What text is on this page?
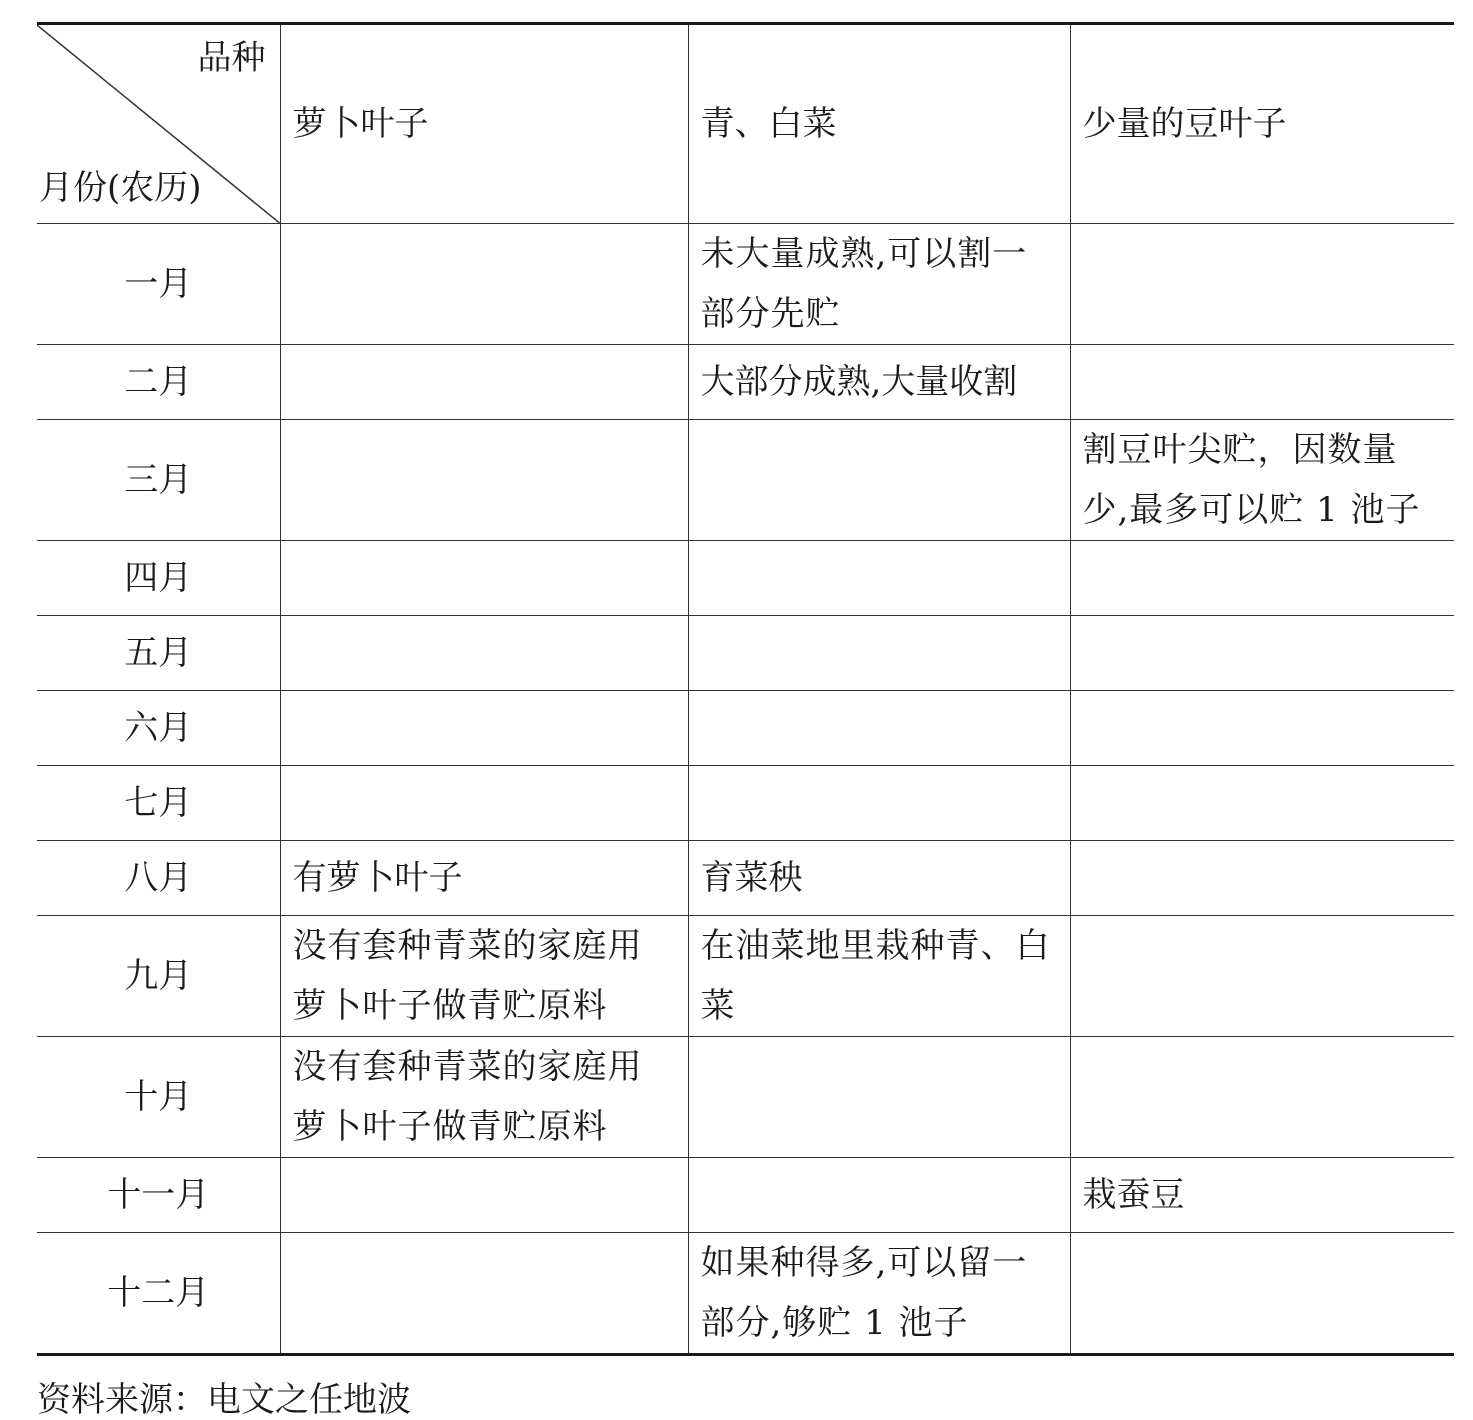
品种
月份(农历)	萝卜叶子	青、白菜	少量的豆叶子
一月		未大量成熟,可以割一
部分先贮	

二月		大部分成熟,大量收割	

三月			割豆叶尖贮，因数量
少,最多可以贮 1 池子

四月	

五月	

六月	

七月	

八月	有萝卜叶子	育菜秧	

九月	没有套种青菜的家庭用
萝卜叶子做青贮原料	在油菜地里栽种青、白
菜	

十月	没有套种青菜的家庭用
萝卜叶子做青贮原料		

十一月			栽蚕豆

十二月		如果种得多,可以留一
部分,够贮 1 池子	

资料来源：电文之任地波
